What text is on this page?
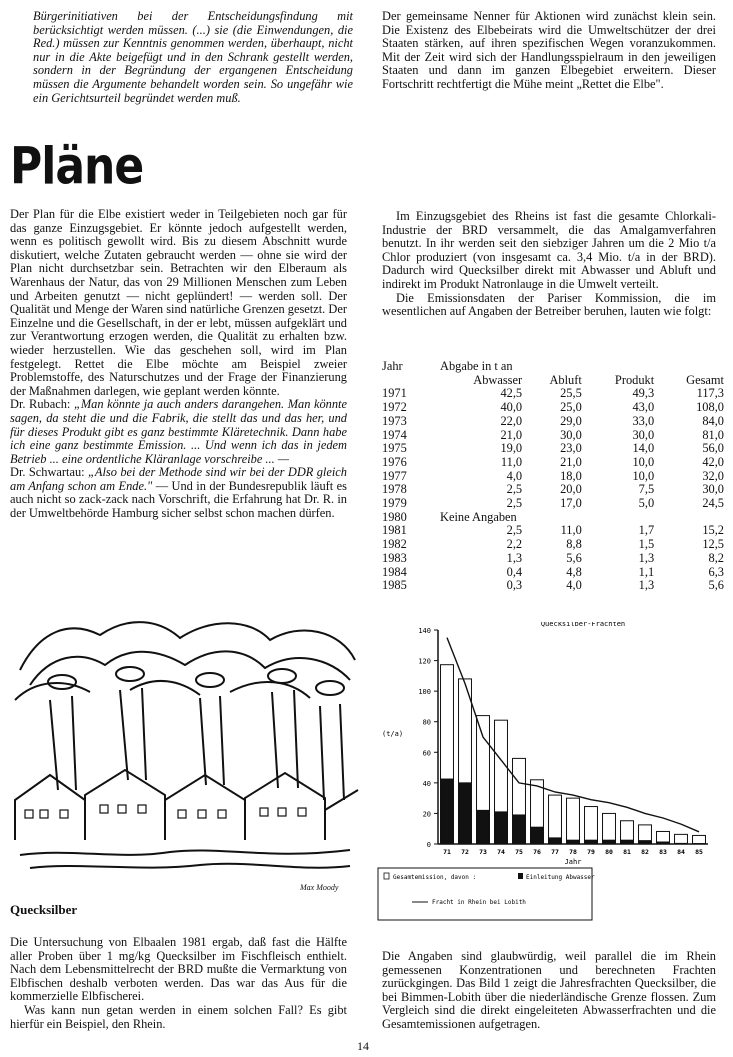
Bürgerinitiativen bei der Entscheidungsfindung mit berücksichtigt werden müssen. (...) sie (die Einwendungen, die Red.) müssen zur Kenntnis genommen werden, überhaupt, nicht nur in die Akte beigefügt und in den Schrank gestellt werden, sondern in der Begründung der ergangenen Entscheidung müssen die Argumente behandelt worden sein. So ungefähr wie ein Gerichtsurteil begründet werden muß.

Der gemeinsame Nenner für Aktionen wird zunächst klein sein. Die Existenz des Elbebeirats wird die Umweltschützer der drei Staaten stärken, auf ihren spezifischen Wegen voranzukommen. Mit der Zeit wird sich der Handlungsspielraum in den jeweiligen Staaten und dann im ganzen Elbegebiet erweitern. Dieser Fortschritt rechtfertigt die Mühe meint „Rettet die Elbe".

Pläne

Der Plan für die Elbe existiert weder in Teilgebieten noch gar für das ganze Einzugsgebiet. Er könnte jedoch aufgestellt werden, wenn es politisch gewollt wird. Bis zu diesem Abschnitt wurde diskutiert, welche Zutaten gebraucht werden — ohne sie wird der Plan nicht durchsetzbar sein. Betrachten wir den Elberaum als Warenhaus der Natur, das von 29 Millionen Menschen zum Leben und Arbeiten genutzt — nicht geplündert! — werden soll. Der Qualität und Menge der Waren sind natürliche Grenzen gesetzt. Der Einzelne und die Gesellschaft, in der er lebt, müssen aufgeklärt und zur Verantwortung erzogen werden, die Qualität zu erhalten bzw. wieder herzustellen. Wie das geschehen soll, wird im Plan festgelegt. Rettet die Elbe möchte am Beispiel zweier Problemstoffe, des Naturschutzes und der Frage der Finanzierung der Maßnahmen darlegen, wie geplant werden könnte.

Dr. Rubach: „Man könnte ja auch anders darangehen. Man könnte sagen, da steht die und die Fabrik, die stellt das und das her, und für dieses Produkt gibt es ganz bestimmte Kläretechnik. Dann habe ich eine ganz bestimmte Emission. ... Und wenn ich das in jedem Betrieb ... eine ordentliche Kläranlage vorschreibe ... —

Dr. Schwartau: „Also bei der Methode sind wir bei der DDR gleich am Anfang schon am Ende." — Und in der Bundesrepublik läuft es auch nicht so zack-zack nach Vorschrift, die Erfahrung hat Dr. R. in der Umweltbehörde Hamburg sicher selbst schon machen dürfen.

Im Einzugsgebiet des Rheins ist fast die gesamte Chlorkali-Industrie der BRD versammelt, die das Amalgamverfahren benutzt. In ihr werden seit den siebziger Jahren um die 2 Mio t/a Chlor produziert (von insgesamt ca. 3,4 Mio. t/a in der BRD). Dadurch wird Quecksilber direkt mit Abwasser und Abluft und indirekt im Produkt Natronlauge in die Umwelt verteilt.

Die Emissionsdaten der Pariser Kommission, die im wesentlichen auf Angaben der Betreiber beruhen, lauten wie folgt:

Jahr	Abgabe in t an			
	Abwasser	Abluft	Produkt	Gesamt
1971	42,5	25,5	49,3	117,3
1972	40,0	25,0	43,0	108,0
1973	22,0	29,0	33,0	84,0
1974	21,0	30,0	30,0	81,0
1975	19,0	23,0	14,0	56,0
1976	11,0	21,0	10,0	42,0
1977	4,0	18,0	10,0	32,0
1978	2,5	20,0	7,5	30,0
1979	2,5	17,0	5,0	24,5
1980	Keine Angaben			
1981	2,5	11,0	1,7	15,2
1982	2,2	8,8	1,5	12,5
1983	1,3	5,6	1,3	8,2
1984	0,4	4,8	1,1	6,3
1985	0,3	4,0	1,3	5,6
Max Moody
Quecksilber-Frachten
0
20
40
60
80
100
120
140
(t/a)
71 72 73 74 75 76 77 78 79 80 81 82 83 84 85
Jahr
Gesamtemission, davon :	Einleitung Abwasser
Fracht in Rhein bei Lobith
Quecksilber

Die Untersuchung von Elbaalen 1981 ergab, daß fast die Hälfte aller Proben über 1 mg/kg Quecksilber im Fischfleisch enthielt. Nach dem Lebensmittelrecht der BRD mußte die Vermarktung von Elbfischen deshalb verboten werden. Das war das Aus für die kommerzielle Elbfischerei.

Was kann nun getan werden in einem solchen Fall? Es gibt hierfür ein Beispiel, den Rhein.

Die Angaben sind glaubwürdig, weil parallel die im Rhein gemessenen Konzentrationen und berechneten Frachten zurückgingen. Das Bild 1 zeigt die Jahresfrachten Quecksilber, die bei Bimmen-Lobith über die niederländische Grenze flossen. Zum Vergleich sind die direkt eingeleiteten Abwasserfrachten und die Gesamtemissionen aufgetragen.

14
